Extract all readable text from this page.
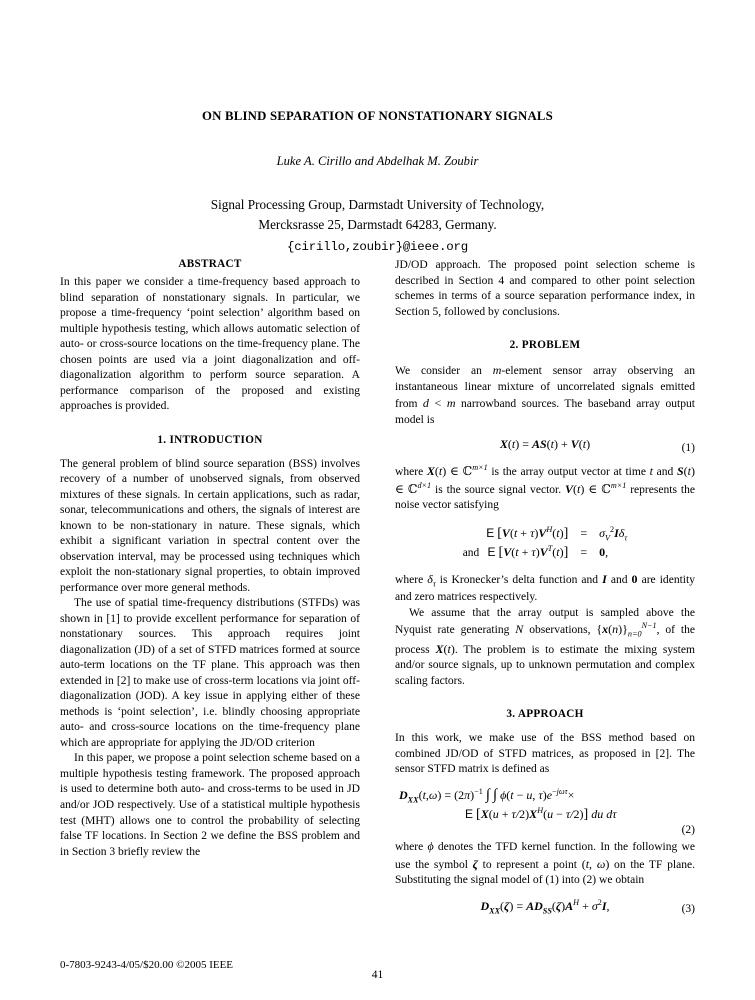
ON BLIND SEPARATION OF NONSTATIONARY SIGNALS
Luke A. Cirillo and Abdelhak M. Zoubir
Signal Processing Group, Darmstadt University of Technology,
Mercksrasse 25, Darmstadt 64283, Germany.
{cirillo,zoubir}@ieee.org
ABSTRACT

In this paper we consider a time-frequency based approach to blind separation of nonstationary signals. In particular, we propose a time-frequency ‘point selection’ algorithm based on multiple hypothesis testing, which allows automatic selection of auto- or cross-source locations on the time-frequency plane. The chosen points are used via a joint diagonalization and off-diagonalization algorithm to perform source separation. A performance comparison of the proposed and existing approaches is provided.

1. INTRODUCTION

The general problem of blind source separation (BSS) involves recovery of a number of unobserved signals, from observed mixtures of these signals. In certain applications, such as radar, sonar, telecommunications and others, the signals of interest are known to be non-stationary in nature. These signals, which exhibit a significant variation in spectral content over the observation interval, may be processed using techniques which exploit the non-stationary signal properties, to obtain improved performance over more general methods.

The use of spatial time-frequency distributions (STFDs) was shown in [1] to provide excellent performance for separation of nonstationary sources. This approach requires joint diagonalization (JD) of a set of STFD matrices formed at source auto-term locations on the TF plane. This approach was then extended in [2] to make use of cross-term locations via joint off-diagonalization (JOD). A key issue in applying either of these methods is ‘point selection’, i.e. blindly choosing appropriate auto- and cross-source locations on the time-frequency plane which are appropriate for applying the JD/OD criterion

In this paper, we propose a point selection scheme based on a multiple hypothesis testing framework. The proposed approach is used to determine both auto- and cross-terms to be used in JD and/or JOD respectively. Use of a statistical multiple hypothesis test (MHT) allows one to control the probability of selecting false TF locations. In Section 2 we define the BSS problem and in Section 3 briefly review the

JD/OD approach. The proposed point selection scheme is described in Section 4 and compared to other point selection schemes in terms of a source separation performance index, in Section 5, followed by conclusions.

2. PROBLEM

We consider an m-element sensor array observing an instantaneous linear mixture of uncorrelated signals emitted from d < m narrowband sources. The baseband array output model is

X(t) = AS(t) + V(t)	(1)

where X(t) ∈ ℂ$^{m\times 1}$ is the array output vector at time t and S(t) ∈ ℂ$^{d\times 1}$ is the source signal vector. V(t) ∈ ℂ$^{m\times 1}$ represents the noise vector satisfying

	E $[V(t + \tau)V^H(t)]$	=	$\sigma_V^2I\delta_\tau$
and	E $[V(t + \tau)V^T(t)]$	=	0,

where $\delta_\tau$ is Kronecker’s delta function and I and 0 are identity and zero matrices respectively.

We assume that the array output is sampled above the Nyquist rate generating N observations, $\{x(n)\}_{n=0}^{N-1}$, of the process X(t). The problem is to estimate the mixing system and/or source signals, up to unknown permutation and complex scaling factors.

3. APPROACH

In this work, we make use of the BSS method based on combined JD/OD of STFD matrices, as proposed in [2]. The sensor STFD matrix is defined as

$D_{XX}(t,\omega) = (2\pi)^{-1}$ ∫ ∫ ϕ(t − u, $\tau)e^{-j\omega\tau}\times$
E $[X(u + \tau/2)X^H(u - \tau/2)]$ du dτ
(2)

where ϕ denotes the TFD kernel function. In the following we use the symbol ζ to represent a point (t, ω) on the TF plane. Substituting the signal model of (1) into (2) we obtain

$D_{XX}(\zeta) = AD_{SS}(\zeta)A^H + \sigma^2I$,	(3)
0-7803-9243-4/05/$20.00 ©2005 IEEE
41
